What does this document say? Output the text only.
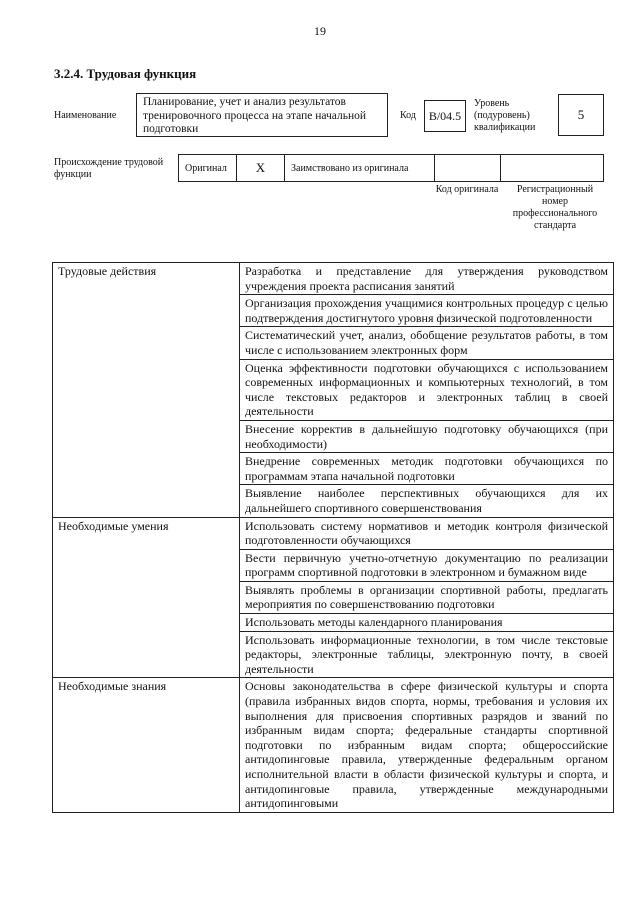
19
3.2.4. Трудовая функция
Наименование
Планирование, учет и анализ результатов тренировочного процесса на этапе начальной подготовки
Код B/04.5
Уровень (подуровень) квалификации
5
Происхождение трудовой функции
Оригинал	X	Заимствовано из оригинала
Код оригинала	Регистрационный номер профессионального стандарта
Трудовые действия	Разработка и представление для утверждения руководством учреждения проекта расписания занятий
	Организация прохождения учащимися контрольных процедур с целью подтверждения достигнутого уровня физической подготовленности
	Систематический учет, анализ, обобщение результатов работы, в том числе с использованием электронных форм
	Оценка эффективности подготовки обучающихся с использованием современных информационных и компьютерных технологий, в том числе текстовых редакторов и электронных таблиц в своей деятельности
	Внесение корректив в дальнейшую подготовку обучающихся (при необходимости)
	Внедрение современных методик подготовки обучающихся по программам этапа начальной подготовки
	Выявление наиболее перспективных обучающихся для их дальнейшего спортивного совершенствования
Необходимые умения	Использовать систему нормативов и методик контроля физической подготовленности обучающихся
	Вести первичную учетно-отчетную документацию по реализации программ спортивной подготовки в электронном и бумажном виде
	Выявлять проблемы в организации спортивной работы, предлагать мероприятия по совершенствованию подготовки
	Использовать методы календарного планирования
	Использовать информационные технологии, в том числе текстовые редакторы, электронные таблицы, электронную почту, в своей деятельности
Необходимые знания	Основы законодательства в сфере физической культуры и спорта (правила избранных видов спорта, нормы, требования и условия их выполнения для присвоения спортивных разрядов и званий по избранным видам спорта; федеральные стандарты спортивной подготовки по избранным видам спорта; общероссийские антидопинговые правила, утвержденные федеральным органом исполнительной власти в области физической культуры и спорта, и антидопинговые правила, утвержденные международными антидопинговыми
